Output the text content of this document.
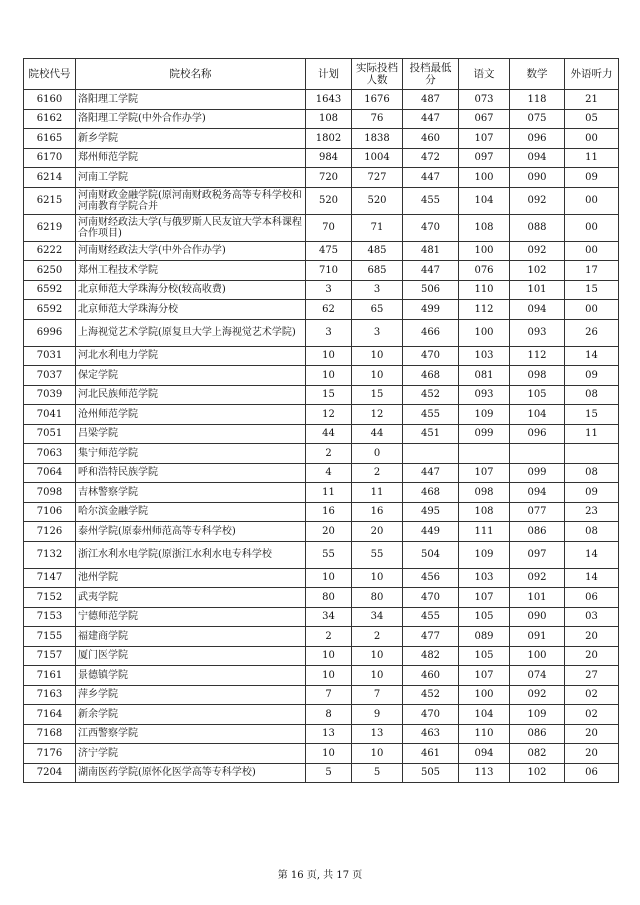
院校代号	院校名称	计划	实际投档人数	投档最低分	语文	数学	外语听力
6160	洛阳理工学院	1643	1676	487	073	118	21
6162	洛阳理工学院(中外合作办学)	108	76	447	067	075	05
6165	新乡学院	1802	1838	460	107	096	00
6170	郑州师范学院	984	1004	472	097	094	11
6214	河南工学院	720	727	447	100	090	09
6215	河南财政金融学院(原河南财政税务高等专科学校和河南教育学院合并	520	520	455	104	092	00
6219	河南财经政法大学(与俄罗斯人民友谊大学本科课程合作项目)	70	71	470	108	088	00
6222	河南财经政法大学(中外合作办学)	475	485	481	100	092	00
6250	郑州工程技术学院	710	685	447	076	102	17
6592	北京师范大学珠海分校(较高收费)	3	3	506	110	101	15
6592	北京师范大学珠海分校	62	65	499	112	094	00
6996	上海视觉艺术学院(原复旦大学上海视觉艺术学院)	3	3	466	100	093	26
7031	河北水利电力学院	10	10	470	103	112	14
7037	保定学院	10	10	468	081	098	09
7039	河北民族师范学院	15	15	452	093	105	08
7041	沧州师范学院	12	12	455	109	104	15
7051	吕梁学院	44	44	451	099	096	11
7063	集宁师范学院	2	0				
7064	呼和浩特民族学院	4	2	447	107	099	08
7098	吉林警察学院	11	11	468	098	094	09
7106	哈尔滨金融学院	16	16	495	108	077	23
7126	泰州学院(原泰州师范高等专科学校)	20	20	449	111	086	08
7132	浙江水利水电学院(原浙江水利水电专科学校	55	55	504	109	097	14
7147	池州学院	10	10	456	103	092	14
7152	武夷学院	80	80	470	107	101	06
7153	宁德师范学院	34	34	455	105	090	03
7155	福建商学院	2	2	477	089	091	20
7157	厦门医学院	10	10	482	105	100	20
7161	景德镇学院	10	10	460	107	074	27
7163	萍乡学院	7	7	452	100	092	02
7164	新余学院	8	9	470	104	109	02
7168	江西警察学院	13	13	463	110	086	20
7176	济宁学院	10	10	461	094	082	20
7204	湖南医药学院(原怀化医学高等专科学校)	5	5	505	113	102	06
第 16 页, 共 17 页
